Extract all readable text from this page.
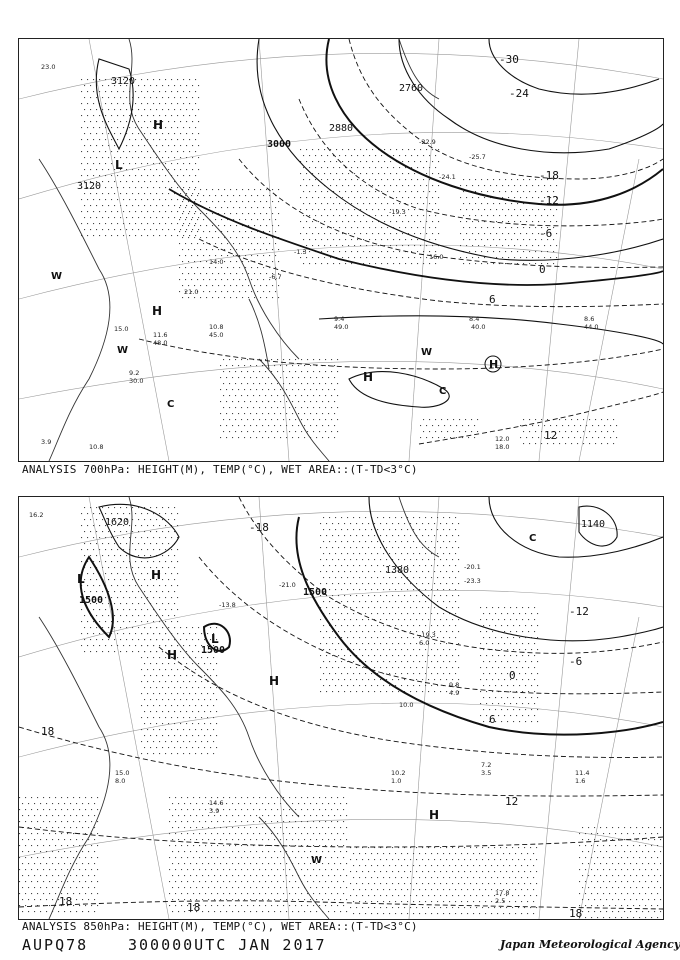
23.0
10.8
-25.7
-22.9
-24.1
-19.3
16.0
14.0
15.0
8.4
40.0
8.6
44.0
9.4
49.0
12.0
18.0
9.2
30.0
10.8
45.0
3.9
11.6
48.0
-1.3
-6.7
21.0
3120
3000
2880
2760
3120
-30
-24
-18
-12
-6
0
6
12
H
L
H
H
H
W
W	W
C
C
ANALYSIS 700hPa: HEIGHT(M), TEMP(°C), WET AREA::(T-TD<3°C)
15.0
8.0
10.2
1.0
7.2
3.5	11.4
1.6
17.8
2.5
14.6
3.9
-20.1
-23.3
9.8
4.9
-19.3
6.0
-21.0
10.0
-13.8
16.2
1620
1500
1500
1500
1380
1140
-18
-12
-6
0
6
12
18
18	18	18
H
L
L
H
H
H
W
C
ANALYSIS 850hPa: HEIGHT(M), TEMP(°C), WET AREA::(T-TD<3°C)
AUPQ78	300000UTC JAN 2017	Japan Meteorological Agency
